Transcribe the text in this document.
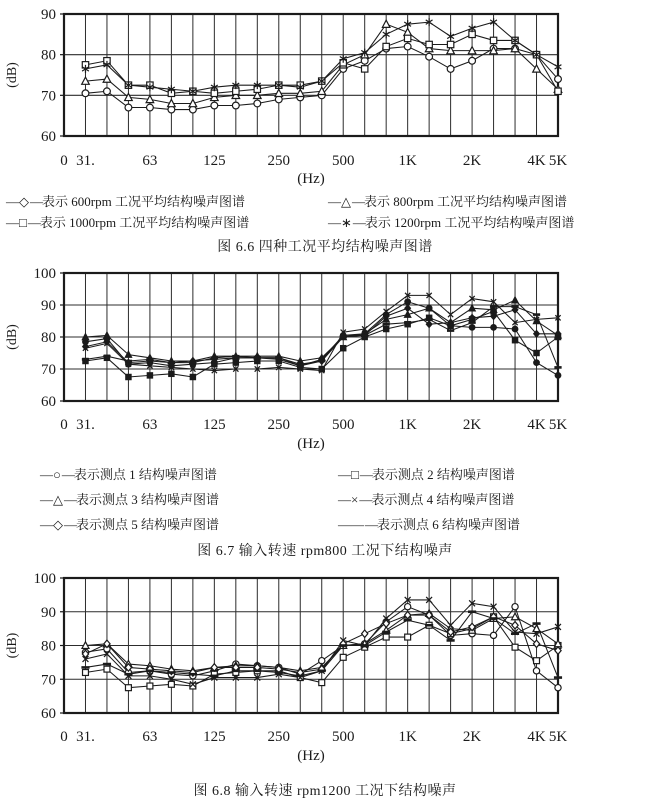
60
70
80
90
0 31.	63	125	250	500	1K	2K	4K 5K
(Hz)
(dB)
— ◇ — 表示 600rpm 工况平均结构噪声图谱	— △ — 表示 800rpm 工况平均结构噪声图谱
— □ — 表示 1000rpm 工况平均结构噪声图谱	— ∗ — 表示 1200rpm 工况平均结构噪声图谱
图 6.6 四种工况平均结构噪声图谱
60
70
80
90
100
0 31.	63	125	250	500	1K	2K	4K 5K
(Hz)
(dB)
— ○ — 表示测点 1 结构噪声图谱	— □ — 表示测点 2 结构噪声图谱
— △ — 表示测点 3 结构噪声图谱	— × — 表示测点 4 结构噪声图谱
— ◇ — 表示测点 5 结构噪声图谱	— — — 表示测点 6 结构噪声图谱
图 6.7 输入转速 rpm800 工况下结构噪声
60
70
80
90
100
0 31.	63	125	250	500	1K	2K	4K 5K
(Hz)
(dB)
图 6.8 输入转速 rpm1200 工况下结构噪声
